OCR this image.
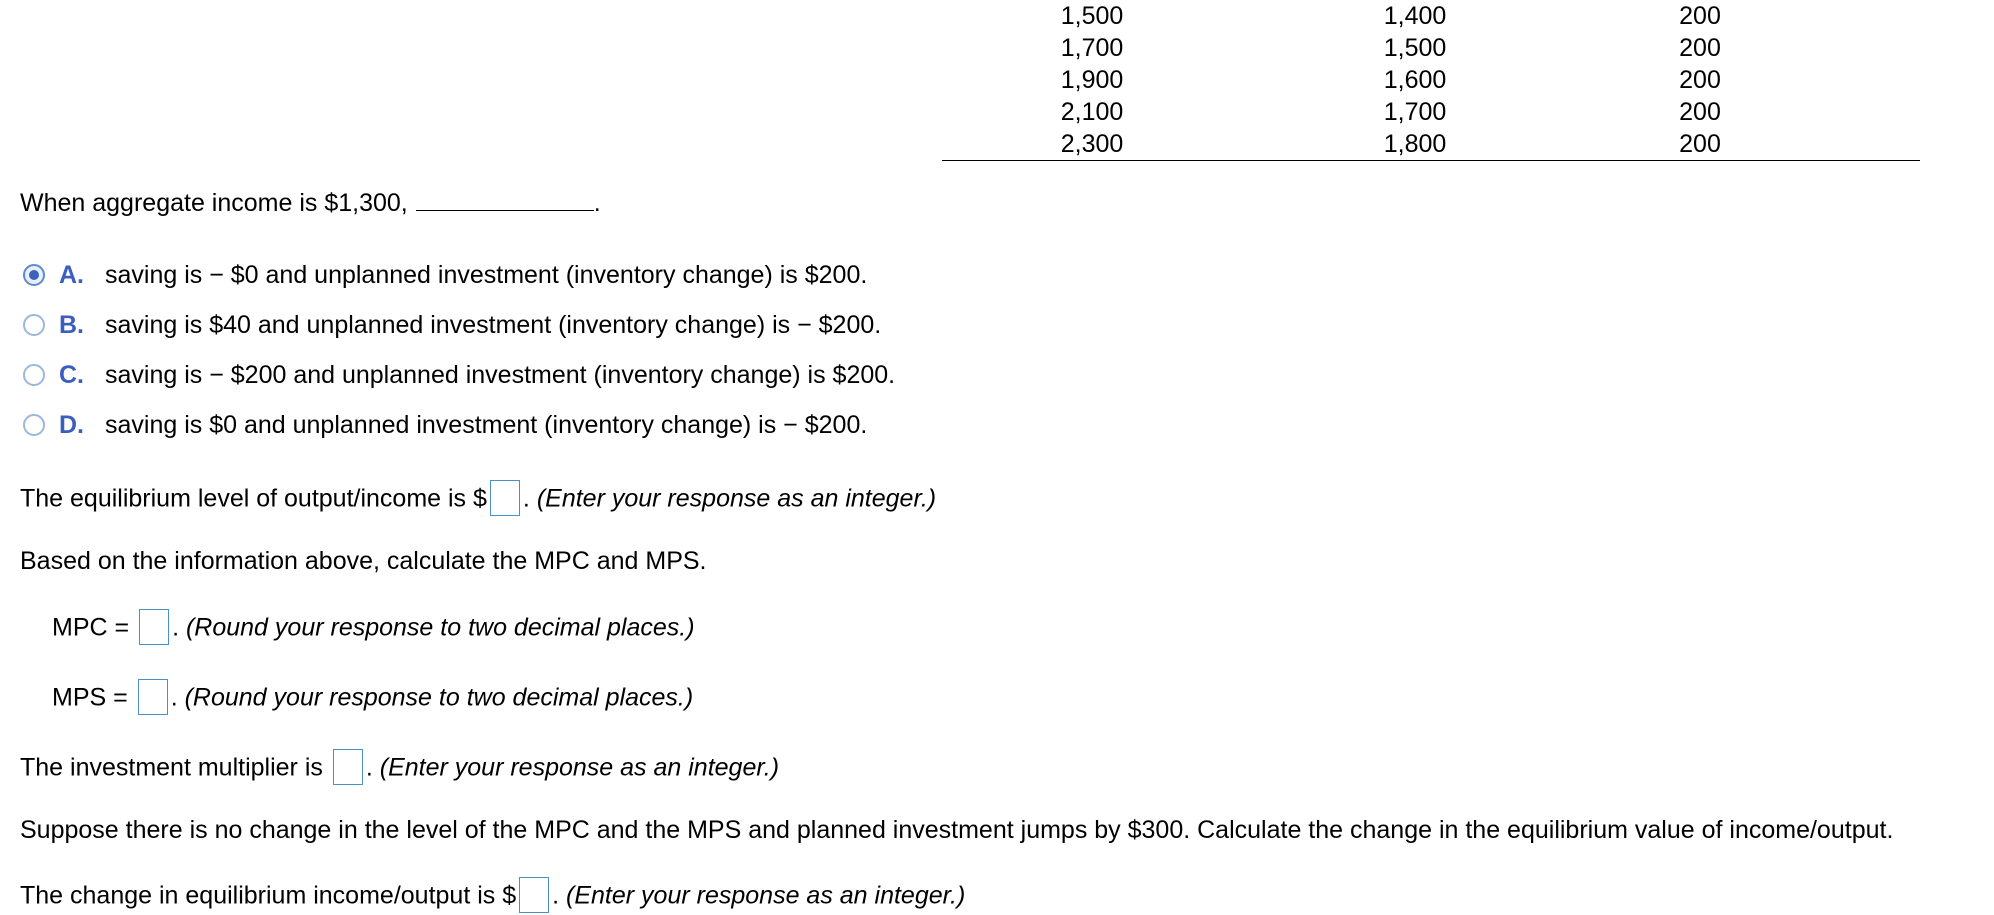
1,500	1,400	200
1,700	1,500	200
1,900	1,600	200
2,100	1,700	200
2,300	1,800	200
When aggregate income is $1,300,	.
A. saving is − $0 and unplanned investment (inventory change) is $200.
B. saving is $40 and unplanned investment (inventory change) is − $200.
C. saving is − $200 and unplanned investment (inventory change) is $200.
D. saving is $0 and unplanned investment (inventory change) is − $200.
The equilibrium level of output/income is $ . (Enter your response as an integer.)
Based on the information above, calculate the MPC and MPS.
MPC = . (Round your response to two decimal places.)
MPS = . (Round your response to two decimal places.)
The investment multiplier is . (Enter your response as an integer.)
Suppose there is no change in the level of the MPC and the MPS and planned investment jumps by $300. Calculate the change in the equilibrium value of income/output.
The change in equilibrium income/output is $ . (Enter your response as an integer.)
